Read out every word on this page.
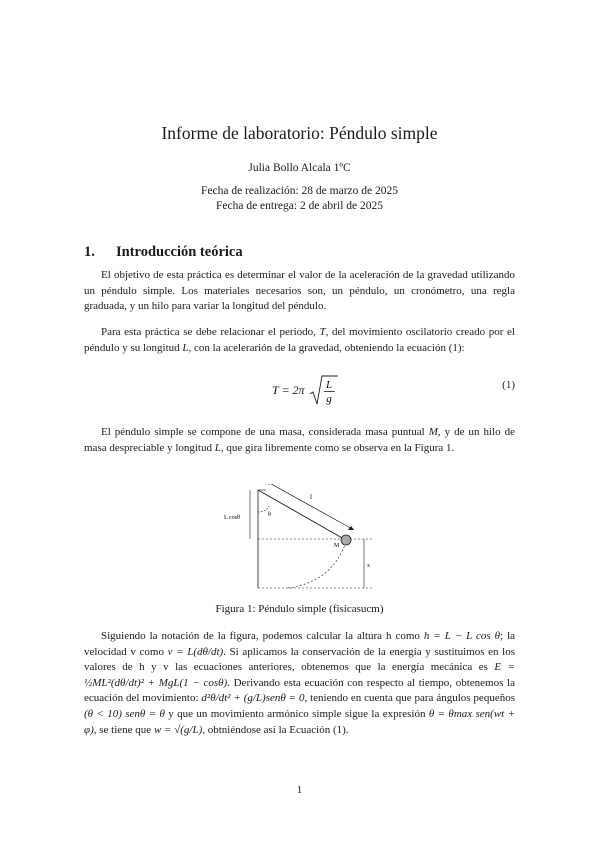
Informe de laboratorio: Péndulo simple
Julia Bollo Alcala 1ºC
Fecha de realización: 28 de marzo de 2025
Fecha de entrega: 2 de abril de 2025
1. Introducción teórica
El objetivo de esta práctica es determinar el valor de la aceleración de la gravedad utilizando un péndulo simple. Los materiales necesarios son, un péndulo, un cronómetro, una regla graduada, y un hilo para variar la longitud del péndulo.
Para esta práctica se debe relacionar el periodo, T, del movimiento oscilatorio creado por el péndulo y su longitud L, con la acelerarión de la gravedad, obteniendo la ecuación (1):
T = 2π L
g
(1)
El péndulo simple se compone de una masa, considerada masa puntual M, y de un hilo de masa despreciable y longitud L, que gira libremente como se observa en la Figura 1.
l
θ
L cosθ
M
x
Figura 1: Péndulo simple (fisicasucm)
Siguiendo la notación de la figura, podemos calcular la altura h como h = L − L cos θ; la velocidad v como v = L(dθ/dt). Si aplicamos la conservación de la energía y sustituimos en los valores de h y v las ecuaciones anteriores, obtenemos que la energía mecánica es E = ½ML²(dθ/dt)² + MgL(1 − cosθ). Derivando esta ecuación con respecto al tiempo, obtenemos la ecuación del movimiento: d²θ/dt² + (g/L)senθ = 0, teniendo en cuenta que para ángulos pequeños (θ < 10) senθ = θ y que un movimiento armónico simple sigue la expresión θ = θmax sen(wt + φ), se tiene que w = √(g/L), obtniéndose así la Ecuación (1).
1
